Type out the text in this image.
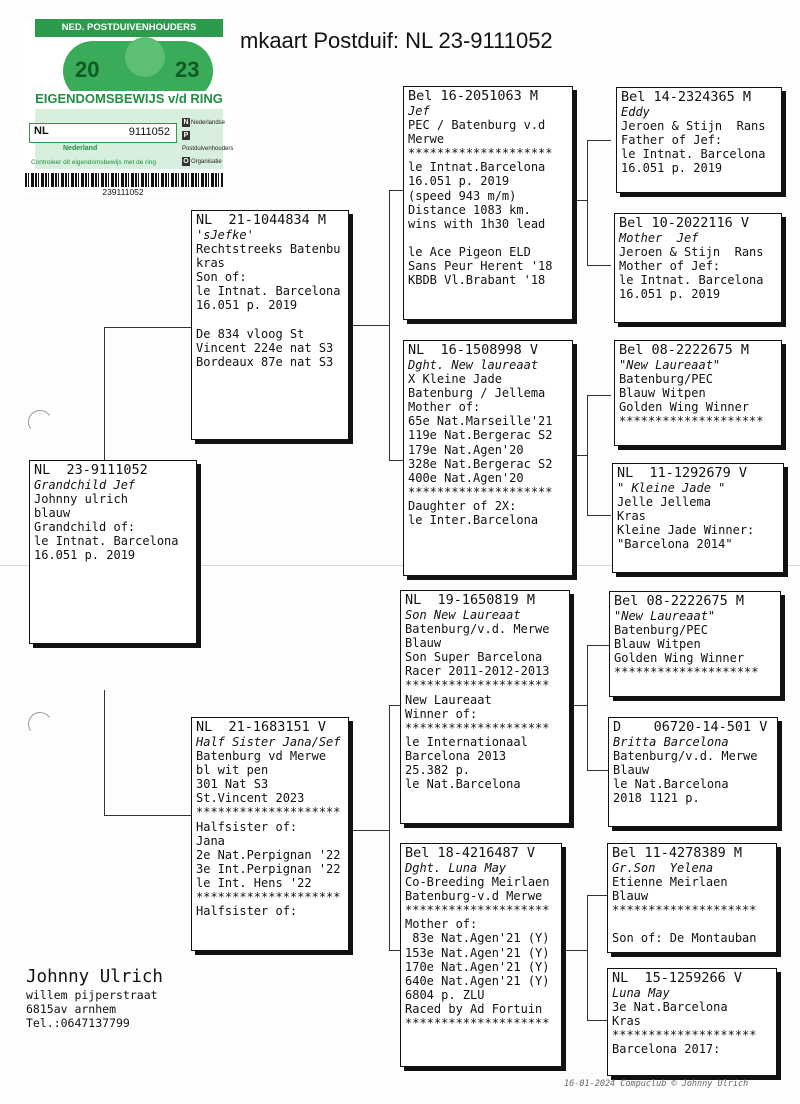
mkaart Postduif: NL 23-9111052
NED. POSTDUIVENHOUDERS
20	23
EIGENDOMSBEWIJS v/d RING
NL	9111052
N Nederlandse
PPostduivenhouders
O Organisatie
Nederland
Controleer dit eigendomsbewijs met de ring
239111052
NL  23-9111052
Grandchild Jef
Johnny ulrich
blauw
Grandchild of:
le Intnat. Barcelona
16.051 p. 2019
NL  21-1044834 M
'sJefke'
Rechtstreeks Batenbu
kras
Son of:
le Intnat. Barcelona
16.051 p. 2019
De 834 vloog St
Vincent 224e nat S3
Bordeaux 87e nat S3
NL  21-1683151 V
Half Sister Jana/Sef
Batenburg vd Merwe
bl wit pen
301 Nat S3
St.Vincent 2023
********************
Halfsister of:
Jana
2e Nat.Perpignan '22
3e Int.Perpignan '22
le Int. Hens '22
********************
Halfsister of:
Bel 16-2051063 M
Jef
PEC / Batenburg v.d
Merwe
********************
le Intnat.Barcelona
16.051 p. 2019
(speed 943 m/m)
Distance 1083 km.
wins with 1h30 lead
le Ace Pigeon ELD
Sans Peur Herent '18
KBDB Vl.Brabant '18
NL  16-1508998 V
Dght. New laureaat
X Kleine Jade
Batenburg / Jellema
Mother of:
65e Nat.Marseille'21
119e Nat.Bergerac S2
179e Nat.Agen'20
328e Nat.Bergerac S2
400e Nat.Agen'20
********************
Daughter of 2X:
le Inter.Barcelona
NL  19-1650819 M
Son New Laureaat
Batenburg/v.d. Merwe
Blauw
Son Super Barcelona
Racer 2011-2012-2013
********************
New Laureaat
Winner of:
********************
le Internationaal
Barcelona 2013
25.382 p.
le Nat.Barcelona
Bel 18-4216487 V
Dght. Luna May
Co-Breeding Meirlaen
Batenburg-v.d Merwe
********************
Mother of:
83e Nat.Agen'21 (Y)
153e Nat.Agen'21 (Y)
170e Nat.Agen'21 (Y)
640e Nat.Agen'21 (Y)
6804 p. ZLU
Raced by Ad Fortuin
********************
Bel 14-2324365 M
Eddy
Jeroen & Stijn  Rans
Father of Jef:
le Intnat. Barcelona
16.051 p. 2019
Bel 10-2022116 V
Mother  Jef
Jeroen & Stijn  Rans
Mother of Jef:
le Intnat. Barcelona
16.051 p. 2019
Bel 08-2222675 M
"New Laureaat"
Batenburg/PEC
Blauw Witpen
Golden Wing Winner
********************
NL  11-1292679 V
" Kleine Jade "
Jelle Jellema
Kras
Kleine Jade Winner:
"Barcelona 2014"
Bel 08-2222675 M
"New Laureaat"
Batenburg/PEC
Blauw Witpen
Golden Wing Winner
********************
D    06720-14-501 V
Britta Barcelona
Batenburg/v.d. Merwe
Blauw
le Nat.Barcelona
2018 1121 p.
Bel 11-4278389 M
Gr.Son  Yelena
Etienne Meirlaen
Blauw
********************
Son of: De Montauban
NL  15-1259266 V
Luna May
3e Nat.Barcelona
Kras
********************
Barcelona 2017:
Johnny Ulrich
willem pijperstraat
6815av arnhem
Tel.:0647137799
16-01-2024 Compuclub © Johnny Ulrich
